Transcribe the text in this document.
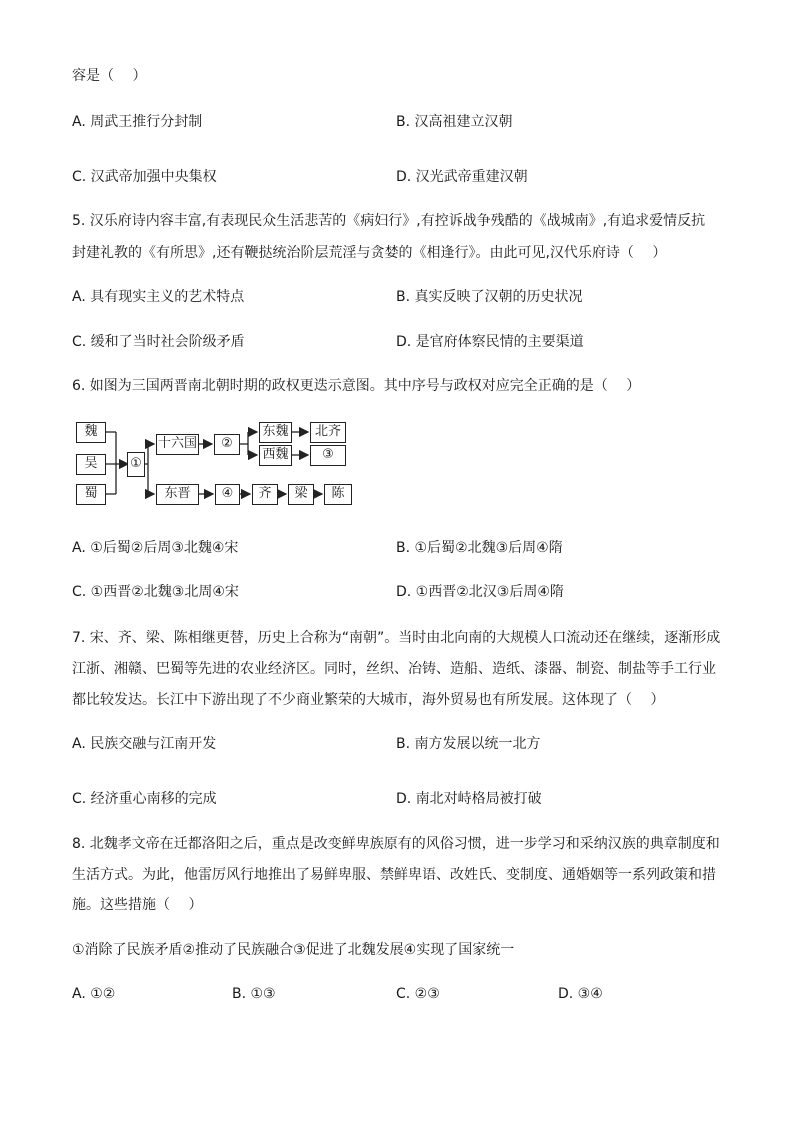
容是（　 ）
A. 周武王推行分封制	B. 汉高祖建立汉朝
C. 汉武帝加强中央集权	D. 汉光武帝重建汉朝
5. 汉乐府诗内容丰富,有表现民众生活悲苦的《病妇行》,有控诉战争残酷的《战城南》,有追求爱情反抗
封建礼教的《有所思》,还有鞭挞统治阶层荒淫与贪婪的《相逢行》。由此可见,汉代乐府诗（　 ）
A. 具有现实主义的艺术特点	B. 真实反映了汉朝的历史状况
C. 缓和了当时社会阶级矛盾	D. 是官府体察民情的主要渠道
6. 如图为三国两晋南北朝时期的政权更迭示意图。其中序号与政权对应完全正确的是（　 ）
魏
吴
蜀
①
十六国	②
东魏
西魏
北齐
③
东晋	④	齐	梁	陈
A. ①后蜀②后周③北魏④宋	B. ①后蜀②北魏③后周④隋
C. ①西晋②北魏③北周④宋	D. ①西晋②北汉③后周④隋
7. 宋、齐、梁、陈相继更替，历史上合称为“南朝”。当时由北向南的大规模人口流动还在继续，逐渐形成
江浙、湘赣、巴蜀等先进的农业经济区。同时，丝织、冶铸、造船、造纸、漆器、制瓷、制盐等手工行业
都比较发达。长江中下游出现了不少商业繁荣的大城市，海外贸易也有所发展。这体现了（　 ）
A. 民族交融与江南开发	B. 南方发展以统一北方
C. 经济重心南移的完成	D. 南北对峙格局被打破
8. 北魏孝文帝在迁都洛阳之后，重点是改变鲜卑族原有的风俗习惯，进一步学习和采纳汉族的典章制度和
生活方式。为此，他雷厉风行地推出了易鲜卑服、禁鲜卑语、改姓氏、变制度、通婚姻等一系列政策和措
施。这些措施（　 ）
①消除了民族矛盾②推动了民族融合③促进了北魏发展④实现了国家统一
A. ①②	B. ①③	C. ②③	D. ③④
